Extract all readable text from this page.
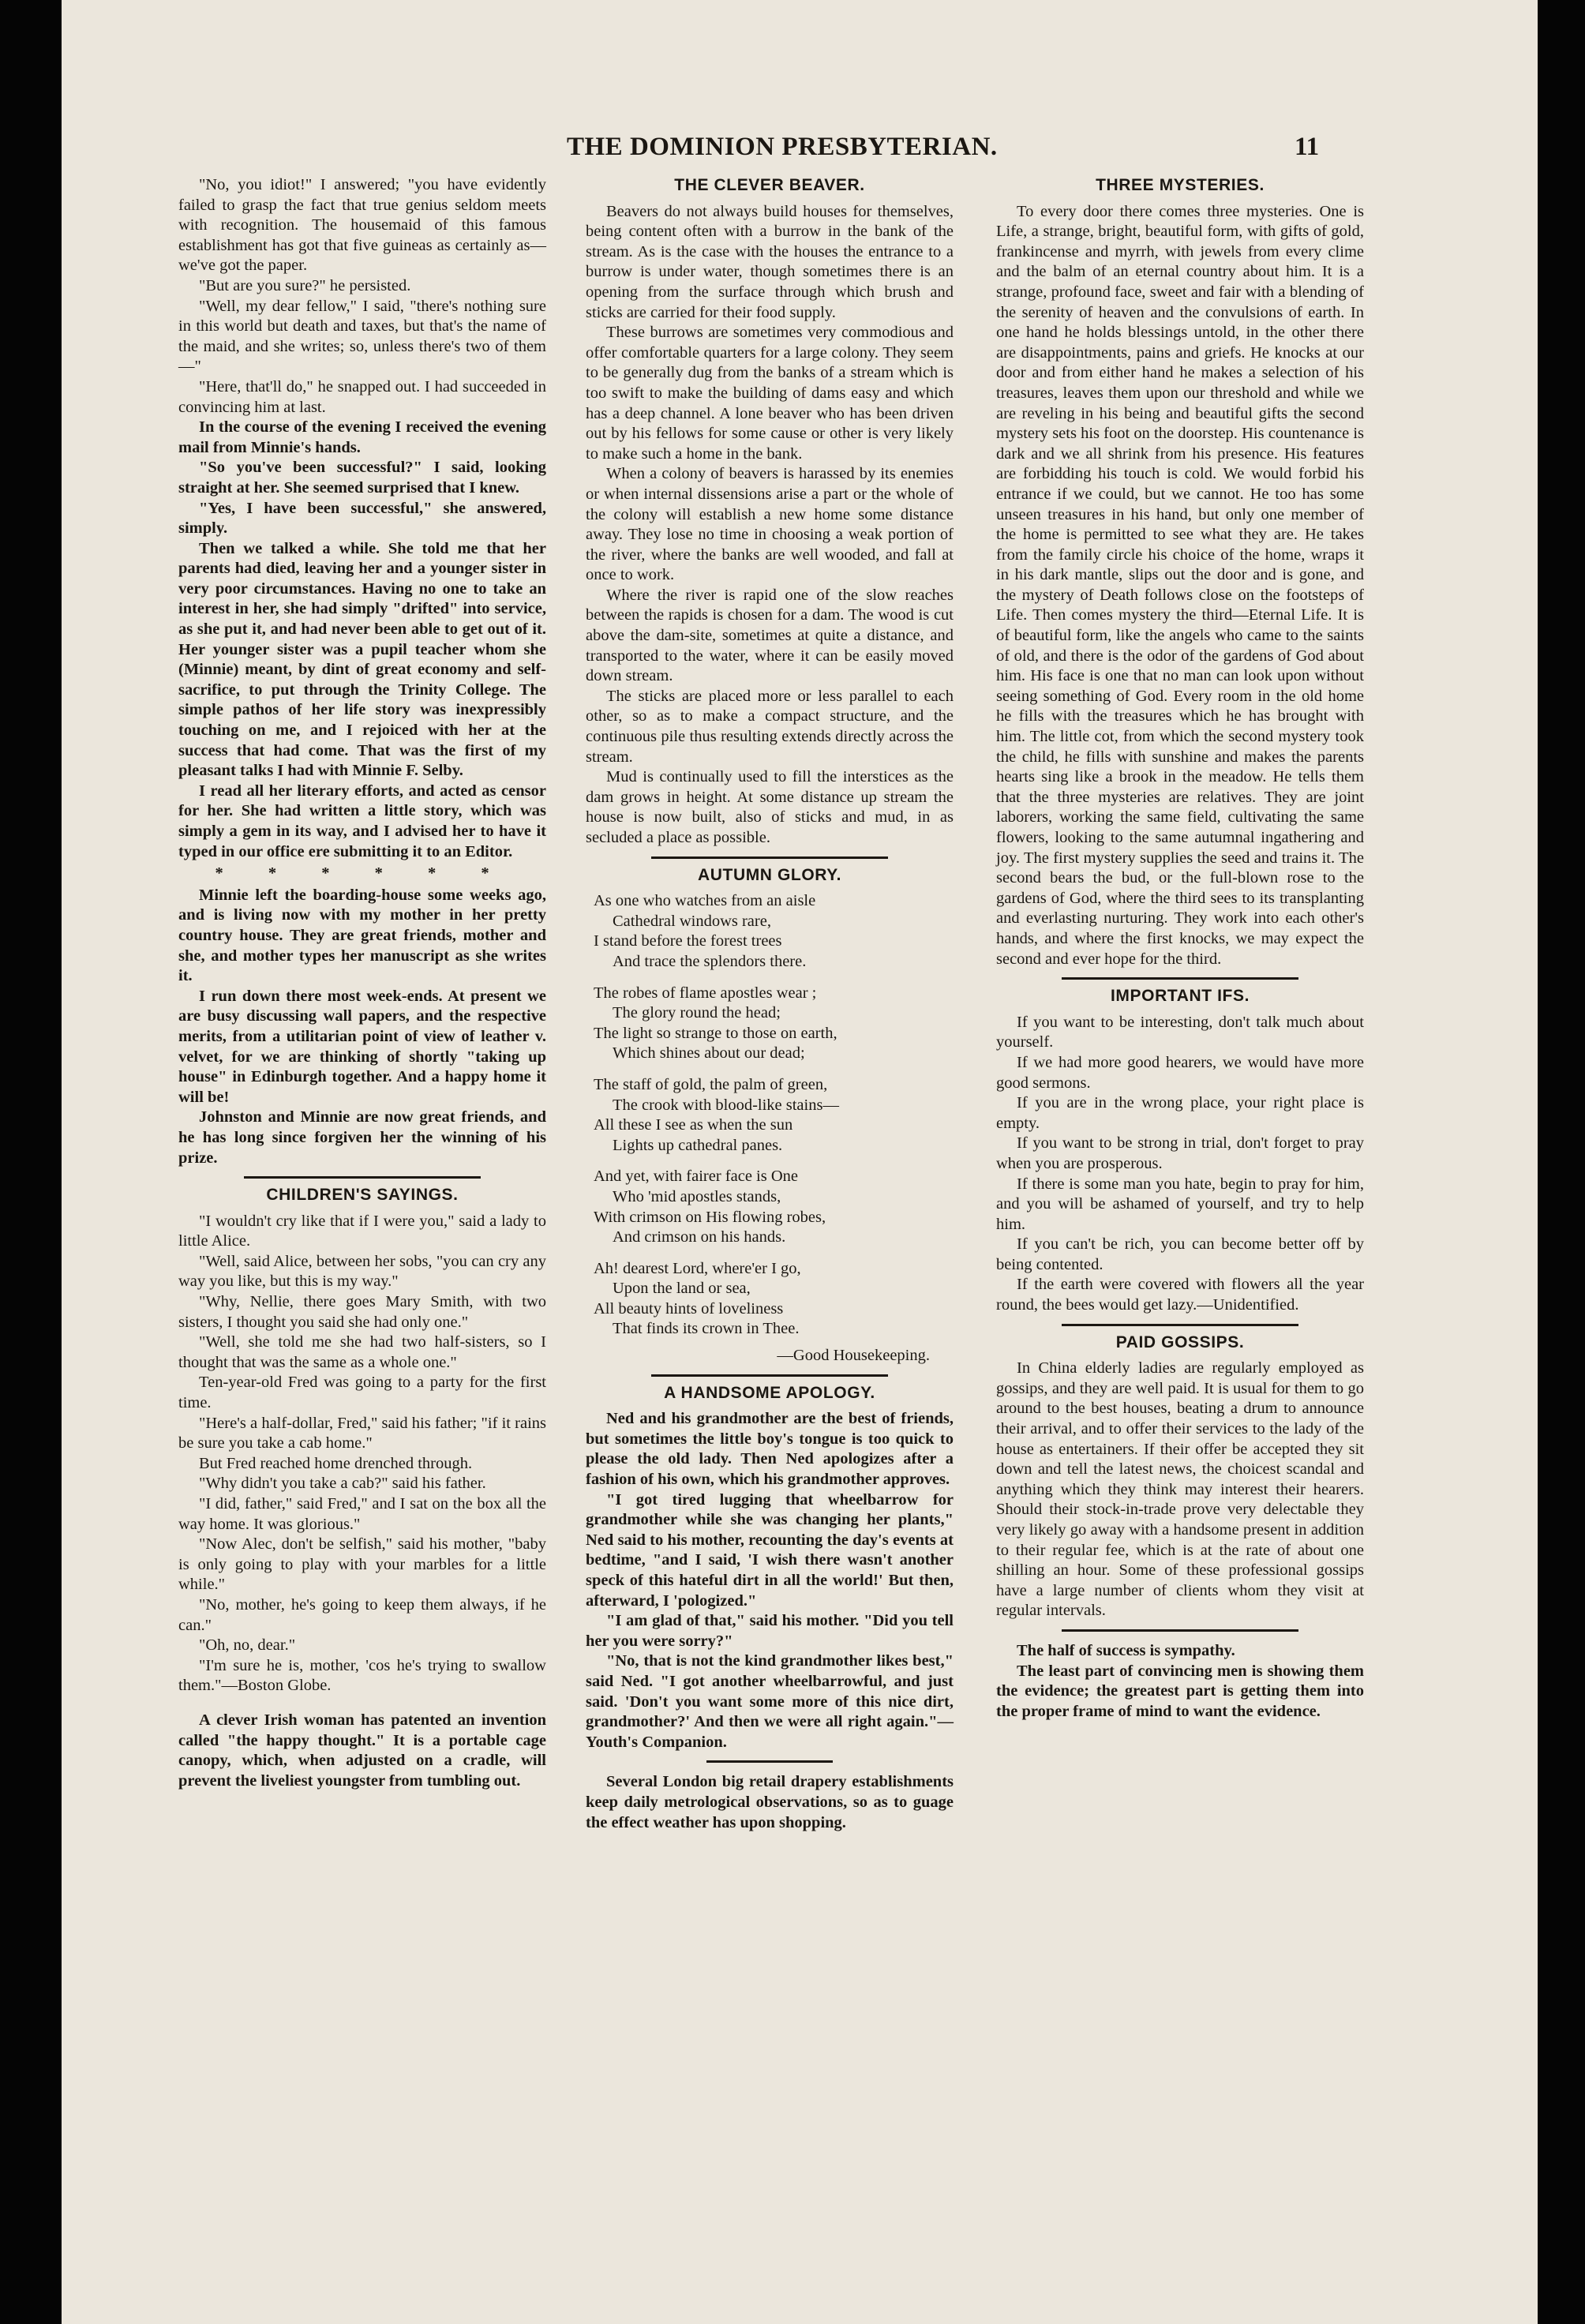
THE DOMINION PRESBYTERIAN.	11

"No, you idiot!" I answered; "you have evidently failed to grasp the fact that true genius seldom meets with recognition. The housemaid of this famous establishment has got that five guineas as certainly as—we've got the paper.

"But are you sure?" he persisted.

"Well, my dear fellow," I said, "there's nothing sure in this world but death and taxes, but that's the name of the maid, and she writes; so, unless there's two of them—"

"Here, that'll do," he snapped out. I had succeeded in convincing him at last.

In the course of the evening I received the evening mail from Minnie's hands.

"So you've been successful?" I said, looking straight at her. She seemed surprised that I knew.

"Yes, I have been successful," she answered, simply.

Then we talked a while. She told me that her parents had died, leaving her and a younger sister in very poor circumstances. Having no one to take an interest in her, she had simply "drifted" into service, as she put it, and had never been able to get out of it. Her younger sister was a pupil teacher whom she (Minnie) meant, by dint of great economy and self-sacrifice, to put through the Trinity College. The simple pathos of her life story was inexpressibly touching on me, and I rejoiced with her at the success that had come. That was the first of my pleasant talks I had with Minnie F. Selby.

I read all her literary efforts, and acted as censor for her. She had written a little story, which was simply a gem in its way, and I advised her to have it typed in our office ere submitting it to an Editor.

* * * * * *

Minnie left the boarding-house some weeks ago, and is living now with my mother in her pretty country house. They are great friends, mother and she, and mother types her manuscript as she writes it.

I run down there most week-ends. At present we are busy discussing wall papers, and the respective merits, from a utilitarian point of view of leather v. velvet, for we are thinking of shortly "taking up house" in Edinburgh together. And a happy home it will be!

Johnston and Minnie are now great friends, and he has long since forgiven her the winning of his prize.

CHILDREN'S SAYINGS.

"I wouldn't cry like that if I were you," said a lady to little Alice.

"Well, said Alice, between her sobs, "you can cry any way you like, but this is my way."

"Why, Nellie, there goes Mary Smith, with two sisters, I thought you said she had only one."

"Well, she told me she had two half-sisters, so I thought that was the same as a whole one."

Ten-year-old Fred was going to a party for the first time.

"Here's a half-dollar, Fred," said his father; "if it rains be sure you take a cab home."

But Fred reached home drenched through.

"Why didn't you take a cab?" said his father.

"I did, father," said Fred," and I sat on the box all the way home. It was glorious."

"Now Alec, don't be selfish," said his mother, "baby is only going to play with your marbles for a little while."

"No, mother, he's going to keep them always, if he can."

"Oh, no, dear."

"I'm sure he is, mother, 'cos he's trying to swallow them."—Boston Globe.

A clever Irish woman has patented an invention called "the happy thought." It is a portable cage canopy, which, when adjusted on a cradle, will prevent the liveliest youngster from tumbling out.

THE CLEVER BEAVER.

Beavers do not always build houses for themselves, being content often with a burrow in the bank of the stream. As is the case with the houses the entrance to a burrow is under water, though sometimes there is an opening from the surface through which brush and sticks are carried for their food supply.

These burrows are sometimes very commodious and offer comfortable quarters for a large colony. They seem to be generally dug from the banks of a stream which is too swift to make the building of dams easy and which has a deep channel. A lone beaver who has been driven out by his fellows for some cause or other is very likely to make such a home in the bank.

When a colony of beavers is harassed by its enemies or when internal dissensions arise a part or the whole of the colony will establish a new home some distance away. They lose no time in choosing a weak portion of the river, where the banks are well wooded, and fall at once to work.

Where the river is rapid one of the slow reaches between the rapids is chosen for a dam. The wood is cut above the dam-site, sometimes at quite a distance, and transported to the water, where it can be easily moved down stream.

The sticks are placed more or less parallel to each other, so as to make a compact structure, and the continuous pile thus resulting extends directly across the stream.

Mud is continually used to fill the interstices as the dam grows in height. At some distance up stream the house is now built, also of sticks and mud, in as secluded a place as possible.

AUTUMN GLORY.
As one who watches from an aisle
Cathedral windows rare,
I stand before the forest trees
And trace the splendors there.
The robes of flame apostles wear ;
The glory round the head;
The light so strange to those on earth,
Which shines about our dead;
The staff of gold, the palm of green,
The crook with blood-like stains—
All these I see as when the sun
Lights up cathedral panes.
And yet, with fairer face is One
Who 'mid apostles stands,
With crimson on His flowing robes,
And crimson on his hands.
Ah! dearest Lord, where'er I go,
Upon the land or sea,
All beauty hints of loveliness
That finds its crown in Thee.
—Good Housekeeping.
A HANDSOME APOLOGY.

Ned and his grandmother are the best of friends, but sometimes the little boy's tongue is too quick to please the old lady. Then Ned apologizes after a fashion of his own, which his grandmother approves.

"I got tired lugging that wheelbarrow for grandmother while she was changing her plants," Ned said to his mother, recounting the day's events at bedtime, "and I said, 'I wish there wasn't another speck of this hateful dirt in all the world!' But then, afterward, I 'pologized."

"I am glad of that," said his mother. "Did you tell her you were sorry?"

"No, that is not the kind grandmother likes best," said Ned. "I got another wheelbarrowful, and just said. 'Don't you want some more of this nice dirt, grandmother?' And then we were all right again."—Youth's Companion.

Several London big retail drapery establishments keep daily metrological observations, so as to guage the effect weather has upon shopping.

THREE MYSTERIES.

To every door there comes three mysteries. One is Life, a strange, bright, beautiful form, with gifts of gold, frankincense and myrrh, with jewels from every clime and the balm of an eternal country about him. It is a strange, profound face, sweet and fair with a blending of the serenity of heaven and the convulsions of earth. In one hand he holds blessings untold, in the other there are disappointments, pains and griefs. He knocks at our door and from either hand he makes a selection of his treasures, leaves them upon our threshold and while we are reveling in his being and beautiful gifts the second mystery sets his foot on the doorstep. His countenance is dark and we all shrink from his presence. His features are forbidding his touch is cold. We would forbid his entrance if we could, but we cannot. He too has some unseen treasures in his hand, but only one member of the home is permitted to see what they are. He takes from the family circle his choice of the home, wraps it in his dark mantle, slips out the door and is gone, and the mystery of Death follows close on the footsteps of Life. Then comes mystery the third—Eternal Life. It is of beautiful form, like the angels who came to the saints of old, and there is the odor of the gardens of God about him. His face is one that no man can look upon without seeing something of God. Every room in the old home he fills with the treasures which he has brought with him. The little cot, from which the second mystery took the child, he fills with sunshine and makes the parents hearts sing like a brook in the meadow. He tells them that the three mysteries are relatives. They are joint laborers, working the same field, cultivating the same flowers, looking to the same autumnal ingathering and joy. The first mystery supplies the seed and trains it. The second bears the bud, or the full-blown rose to the gardens of God, where the third sees to its transplanting and everlasting nurturing. They work into each other's hands, and where the first knocks, we may expect the second and ever hope for the third.

IMPORTANT IFS.

If you want to be interesting, don't talk much about yourself.

If we had more good hearers, we would have more good sermons.

If you are in the wrong place, your right place is empty.

If you want to be strong in trial, don't forget to pray when you are prosperous.

If there is some man you hate, begin to pray for him, and you will be ashamed of yourself, and try to help him.

If you can't be rich, you can become better off by being contented.

If the earth were covered with flowers all the year round, the bees would get lazy.—Unidentified.

PAID GOSSIPS.

In China elderly ladies are regularly employed as gossips, and they are well paid. It is usual for them to go around to the best houses, beating a drum to announce their arrival, and to offer their services to the lady of the house as entertainers. If their offer be accepted they sit down and tell the latest news, the choicest scandal and anything which they think may interest their hearers. Should their stock-in-trade prove very delectable they very likely go away with a handsome present in addition to their regular fee, which is at the rate of about one shilling an hour. Some of these professional gossips have a large number of clients whom they visit at regular intervals.

The half of success is sympathy.

The least part of convincing men is showing them the evidence; the greatest part is getting them into the proper frame of mind to want the evidence.
